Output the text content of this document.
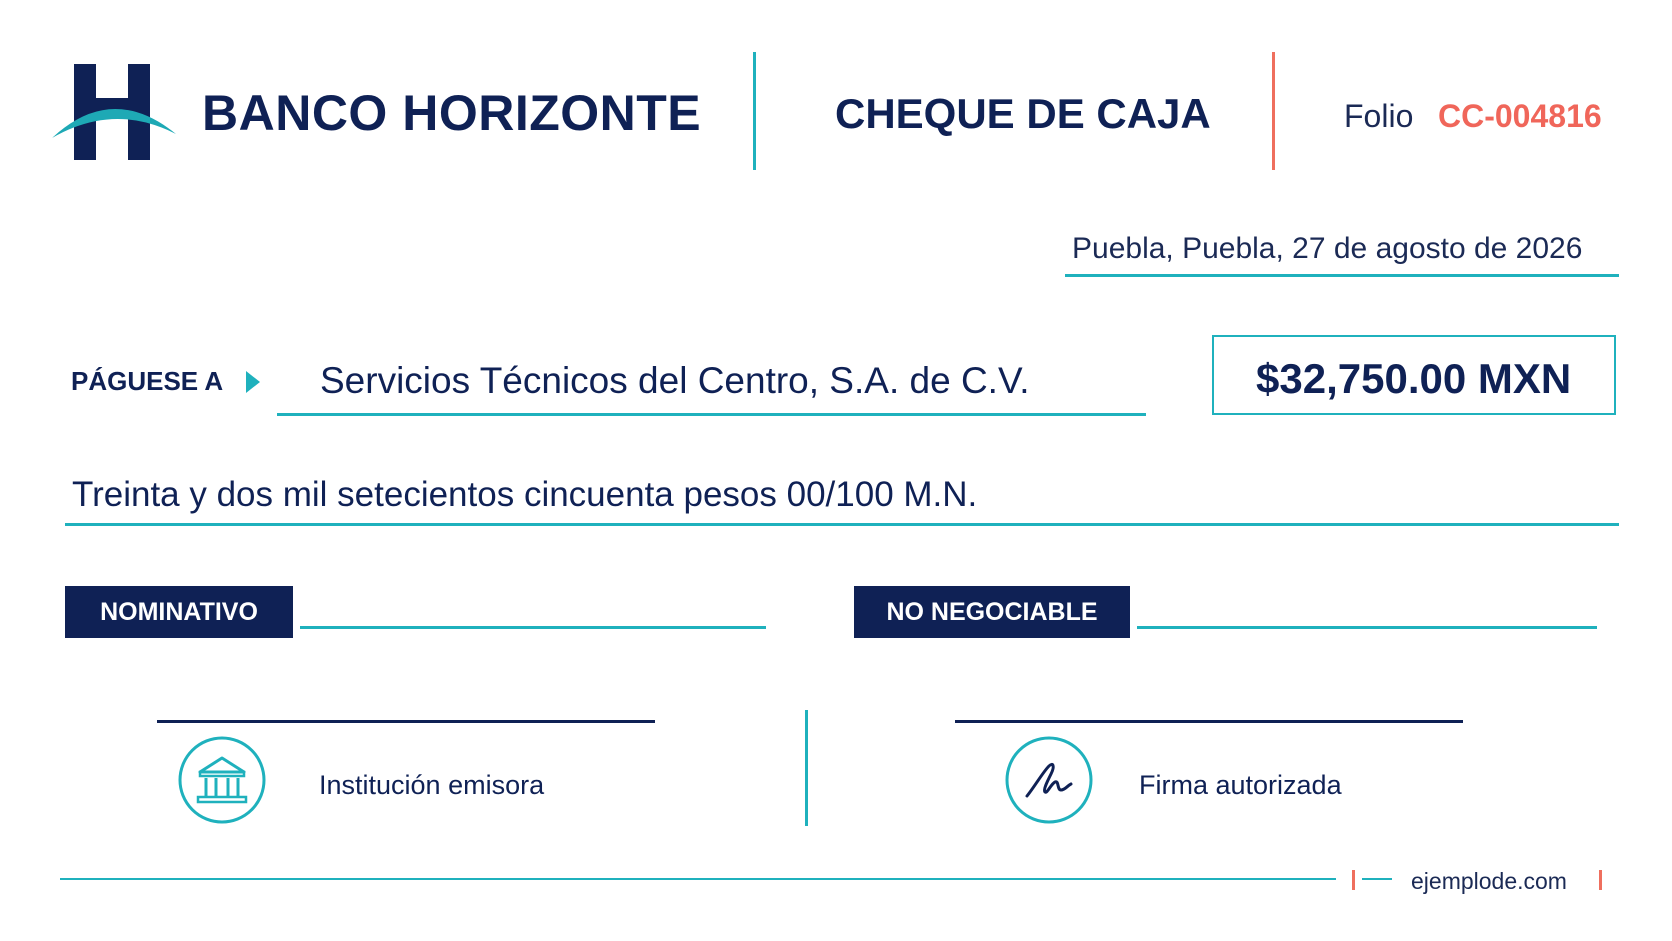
BANCO HORIZONTE	CHEQUE DE CAJA	Folio CC-004816
Puebla, Puebla, 27 de agosto de 2026
PÁGUESE A	Servicios Técnicos del Centro, S.A. de C.V.	$32,750.00 MXN
Treinta y dos mil setecientos cincuenta pesos 00/100 M.N.
NOMINATIVO	NO NEGOCIABLE
Institución emisora	Firma autorizada
ejemplode.com
